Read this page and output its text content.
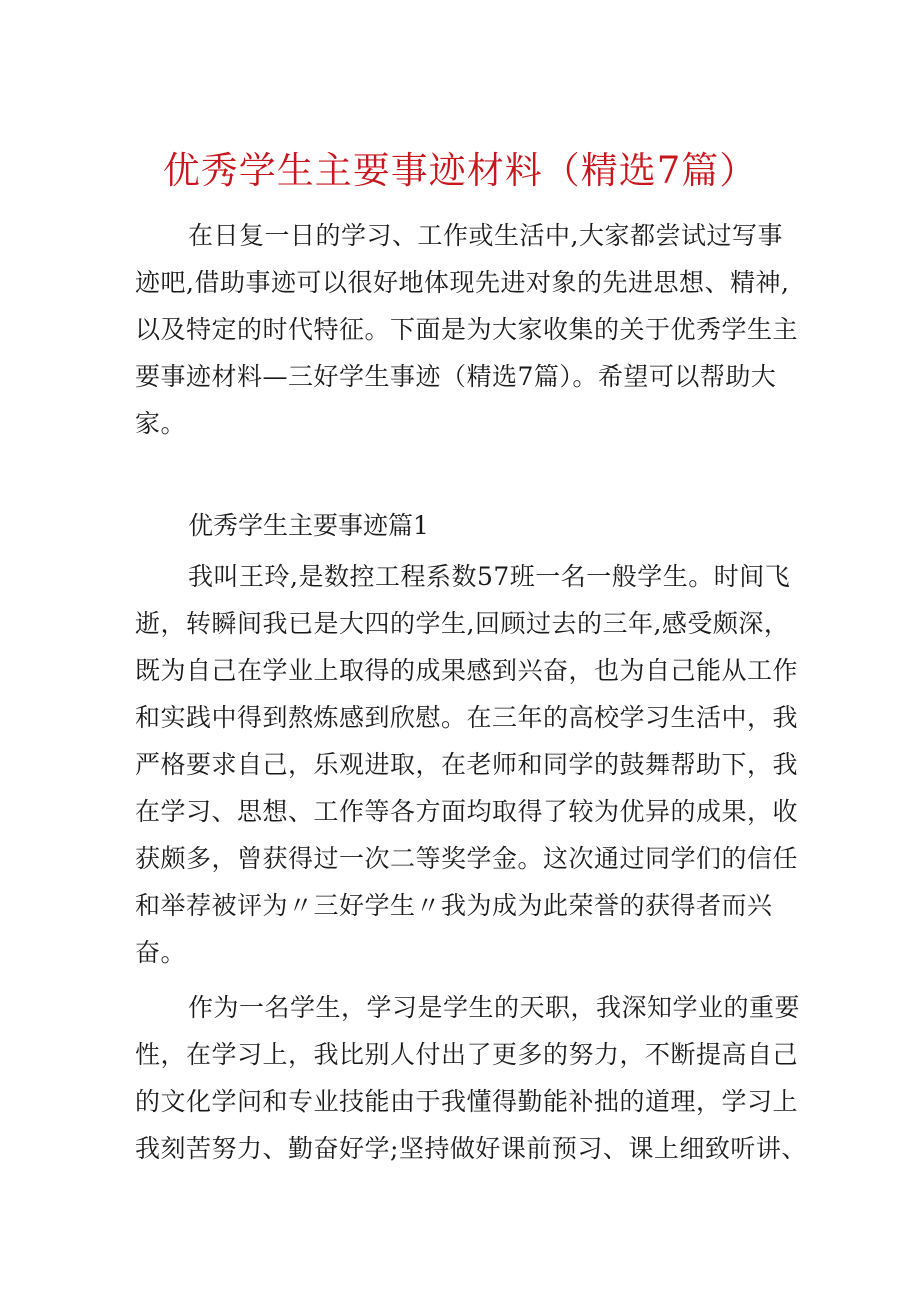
优秀学生主要事迹材料（精选7篇）
在日复一日的学习、工作或生活中,大家都尝试过写事
迹吧,借助事迹可以很好地体现先进对象的先进思想、精神,
以及特定的时代特征。下面是为大家收集的关于优秀学生主
要事迹材料—三好学生事迹（精选7篇）。希望可以帮助大
家。
优秀学生主要事迹篇1
我叫王玲,是数控工程系数57班一名一般学生。时间飞
逝，转瞬间我已是大四的学生,回顾过去的三年,感受颇深，
既为自己在学业上取得的成果感到兴奋，也为自己能从工作
和实践中得到熬炼感到欣慰。在三年的高校学习生活中，我
严格要求自己，乐观进取，在老师和同学的鼓舞帮助下，我
在学习、思想、工作等各方面均取得了较为优异的成果，收
获颇多，曾获得过一次二等奖学金。这次通过同学们的信任
和举荐被评为〃三好学生〃我为成为此荣誉的获得者而兴
奋。
作为一名学生，学习是学生的天职，我深知学业的重要
性，在学习上，我比别人付出了更多的努力，不断提高自己
的文化学问和专业技能由于我懂得勤能补拙的道理，学习上
我刻苦努力、勤奋好学;坚持做好课前预习、课上细致听讲、
